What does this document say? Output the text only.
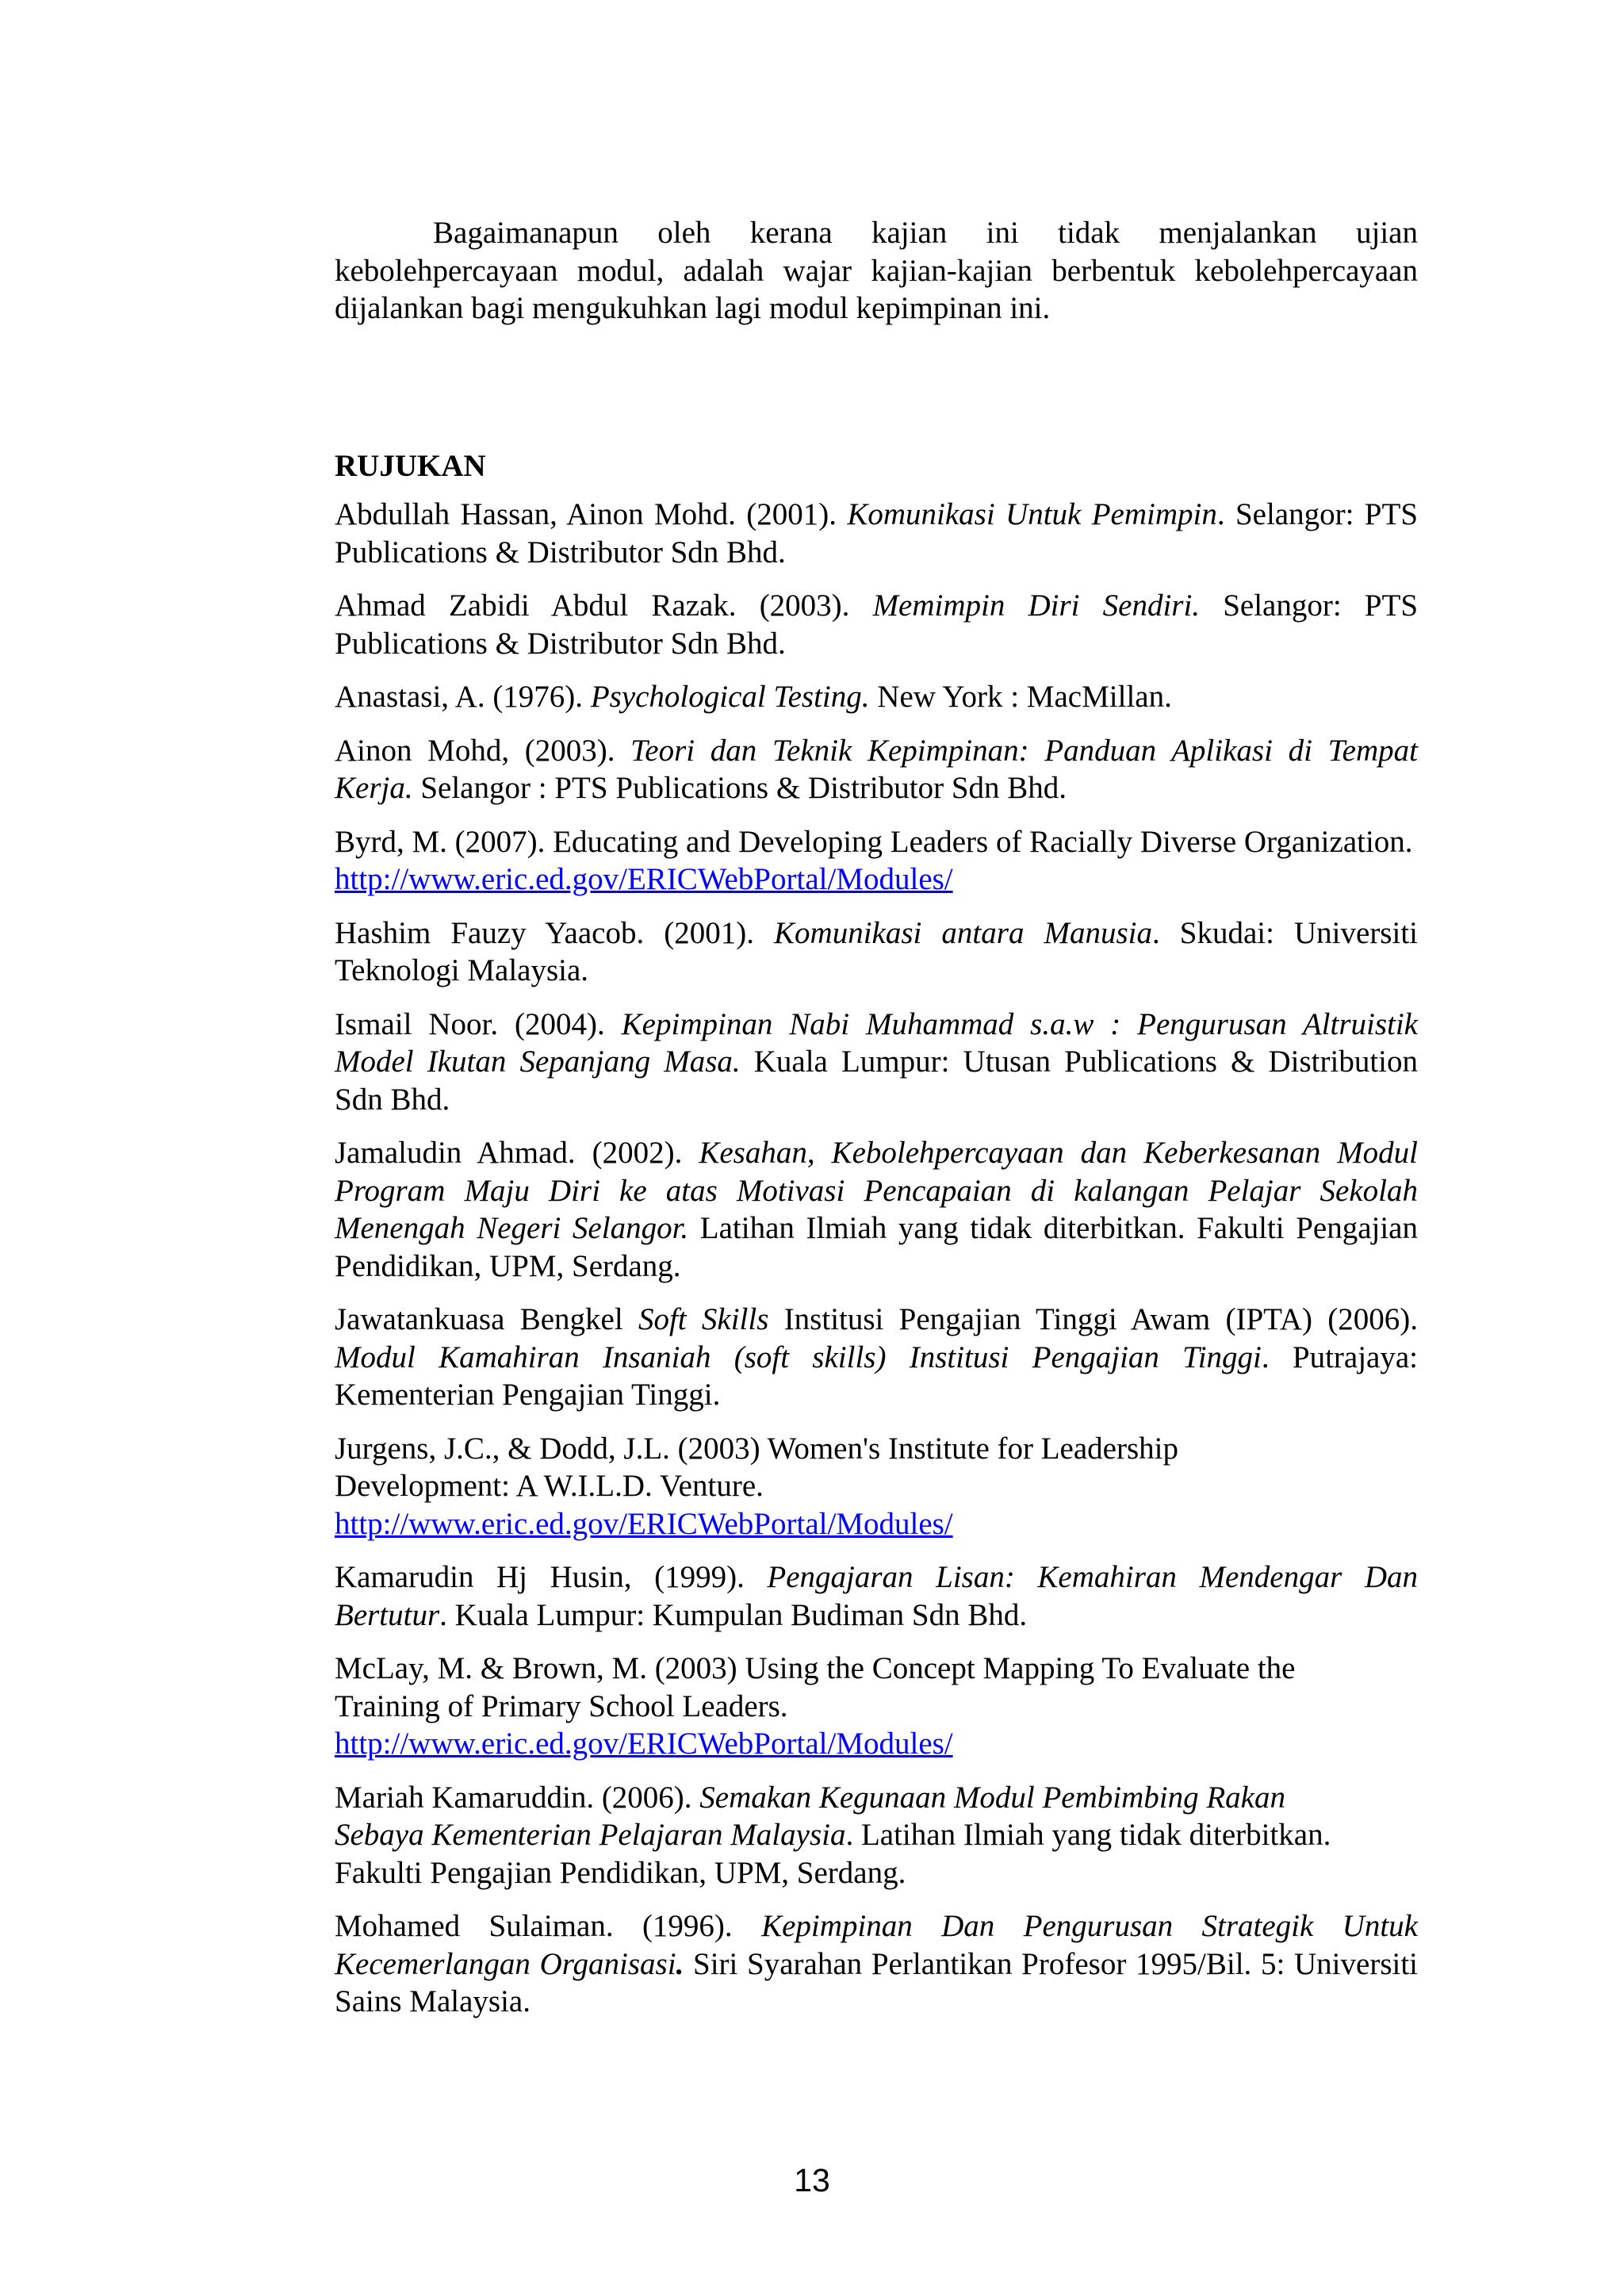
Bagaimanapun oleh kerana kajian ini tidak menjalankan ujian kebolehpercayaan modul, adalah wajar kajian-kajian berbentuk kebolehpercayaan dijalankan bagi mengukuhkan lagi modul kepimpinan ini.

RUJUKAN

Abdullah Hassan, Ainon Mohd. (2001). Komunikasi Untuk Pemimpin. Selangor: PTS Publications & Distributor Sdn Bhd.

Ahmad Zabidi Abdul Razak. (2003). Memimpin Diri Sendiri. Selangor: PTS Publications & Distributor Sdn Bhd.

Anastasi, A. (1976). Psychological Testing. New York : MacMillan.

Ainon Mohd, (2003). Teori dan Teknik Kepimpinan: Panduan Aplikasi di Tempat Kerja. Selangor : PTS Publications & Distributor Sdn Bhd.

Byrd, M. (2007). Educating and Developing Leaders of Racially Diverse Organization. http://www.eric.ed.gov/ERICWebPortal/Modules/

Hashim Fauzy Yaacob. (2001). Komunikasi antara Manusia. Skudai: Universiti Teknologi Malaysia.

Ismail Noor. (2004). Kepimpinan Nabi Muhammad s.a.w : Pengurusan Altruistik Model Ikutan Sepanjang Masa. Kuala Lumpur: Utusan Publications & Distribution Sdn Bhd.

Jamaludin Ahmad. (2002). Kesahan, Kebolehpercayaan dan Keberkesanan Modul Program Maju Diri ke atas Motivasi Pencapaian di kalangan Pelajar Sekolah Menengah Negeri Selangor. Latihan Ilmiah yang tidak diterbitkan. Fakulti Pengajian Pendidikan, UPM, Serdang.

Jawatankuasa Bengkel Soft Skills Institusi Pengajian Tinggi Awam (IPTA) (2006). Modul Kamahiran Insaniah (soft skills) Institusi Pengajian Tinggi. Putrajaya: Kementerian Pengajian Tinggi.

Jurgens, J.C., & Dodd, J.L. (2003) Women's Institute for Leadership
Development: A W.I.L.D. Venture.
http://www.eric.ed.gov/ERICWebPortal/Modules/

Kamarudin Hj Husin, (1999). Pengajaran Lisan: Kemahiran Mendengar Dan Bertutur. Kuala Lumpur: Kumpulan Budiman Sdn Bhd.

McLay, M. & Brown, M. (2003) Using the Concept Mapping To Evaluate the
Training of Primary School Leaders.
http://www.eric.ed.gov/ERICWebPortal/Modules/

Mariah Kamaruddin. (2006). Semakan Kegunaan Modul Pembimbing Rakan
Sebaya Kementerian Pelajaran Malaysia. Latihan Ilmiah yang tidak diterbitkan.
Fakulti Pengajian Pendidikan, UPM, Serdang.

Mohamed Sulaiman. (1996). Kepimpinan Dan Pengurusan Strategik Untuk Kecemerlangan Organisasi. Siri Syarahan Perlantikan Profesor 1995/Bil. 5: Universiti Sains Malaysia.

13
